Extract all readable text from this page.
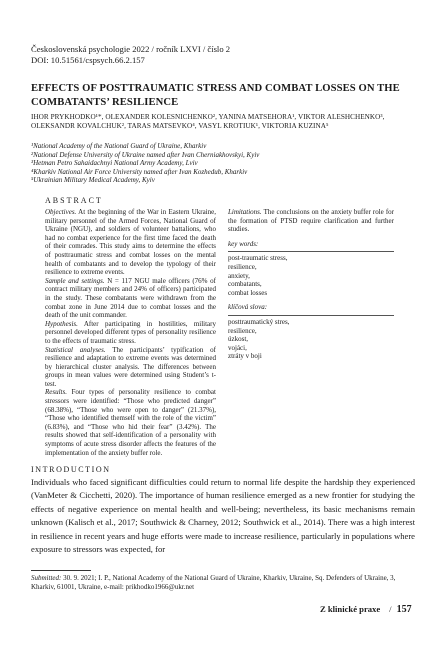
Československá psychologie 2022 / ročník LXVI / číslo 2
DOI: 10.51561/cspsych.66.2.157
EFFECTS OF POSTTRAUMATIC STRESS AND COMBAT LOSSES ON THE COMBATANTS’ RESILIENCE
IHOR PRYKHODKO¹*, OLEXANDER KOLESNICHENKO², YANINA MATSEHORA¹, VIKTOR ALESHCHENKO³, OLEKSANDR KOVALCHUK², TARAS MATSEVKO⁴, VASYL KROTIUK¹, VIKTORIA KUZINA⁵
¹National Academy of the National Guard of Ukraine, Kharkiv
²National Defense University of Ukraine named after Ivan Cherniakhovskyi, Kyiv
³Hetman Petro Sahaidachnyi National Army Academy, Lviv
⁴Kharkiv National Air Force University named after Ivan Kozhedub, Kharkiv
⁵Ukrainian Military Medical Academy, Kyiv
ABSTRACT

Objectives. At the beginning of the War in Eastern Ukraine, military personnel of the Armed Forces, National Guard of Ukraine (NGU), and soldiers of volunteer battalions, who had no combat experience for the first time faced the death of their comrades. This study aims to determine the effects of posttraumatic stress and combat losses on the mental health of combatants and to develop the typology of their resilience to extreme events.

Sample and settings. N = 117 NGU male officers (76% of contract military members and 24% of officers) participated in the study. These combatants were withdrawn from the combat zone in June 2014 due to combat losses and the death of the unit commander.

Hypothesis. After participating in hostilities, military personnel developed different types of personality resilience to the effects of traumatic stress.

Statistical analyses. The participants’ typification of resilience and adaptation to extreme events was determined by hierarchical cluster analysis. The differences between groups in mean values were determined using Student’s t-test.

Results. Four types of personality resilience to combat stressors were identified: “Those who predicted danger” (68.38%), “Those who were open to danger” (21.37%), “Those who identified themself with the role of the victim” (6.83%), and “Those who hid their fear” (3.42%). The results showed that self-identification of a personality with symptoms of acute stress disorder affects the features of the implementation of the anxiety buffer role.

Limitations. The conclusions on the anxiety buffer role for the formation of PTSD require clarification and further studies.

key words:

post-traumatic stress,
resilience,
anxiety,
combatants,
combat losses

klíčová slova:

posttraumatický stres,
resilience,
úzkost,
vojáci,
ztráty v boji
INTRODUCTION
Individuals who faced significant difficulties could return to normal life despite the hardship they experienced (VanMeter & Cicchetti, 2020). The importance of human resilience emerged as a new frontier for studying the effects of negative experience on mental health and well-being; nevertheless, its basic mechanisms remain unknown (Kalisch et al., 2017; Southwick & Charney, 2012; Southwick et al., 2014). There was a high interest in resilience in recent years and huge efforts were made to increase resilience, particularly in populations where exposure to stressors was expected, for
Submitted: 30. 9. 2021; I. P., National Academy of the National Guard of Ukraine, Kharkiv, Ukraine, Sq. Defenders of Ukraine, 3, Kharkiv, 61001, Ukraine, e-mail: prikhodko1966@ukr.net
Z klinické praxe / 157
